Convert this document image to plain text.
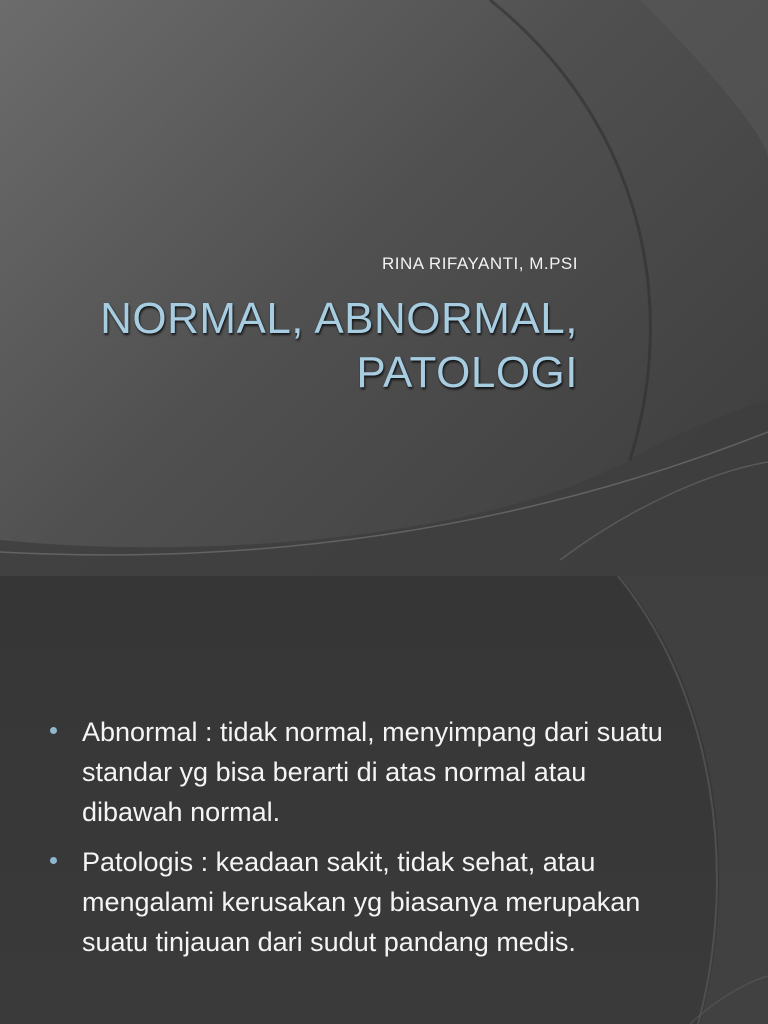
RINA RIFAYANTI, M.PSI

NORMAL, ABNORMAL,
PATOLOGI
Abnormal : tidak normal, menyimpang dari suatu standar yg bisa berarti di atas normal atau dibawah normal.
Patologis : keadaan sakit, tidak sehat, atau mengalami kerusakan yg biasanya merupakan suatu tinjauan dari sudut pandang medis.
